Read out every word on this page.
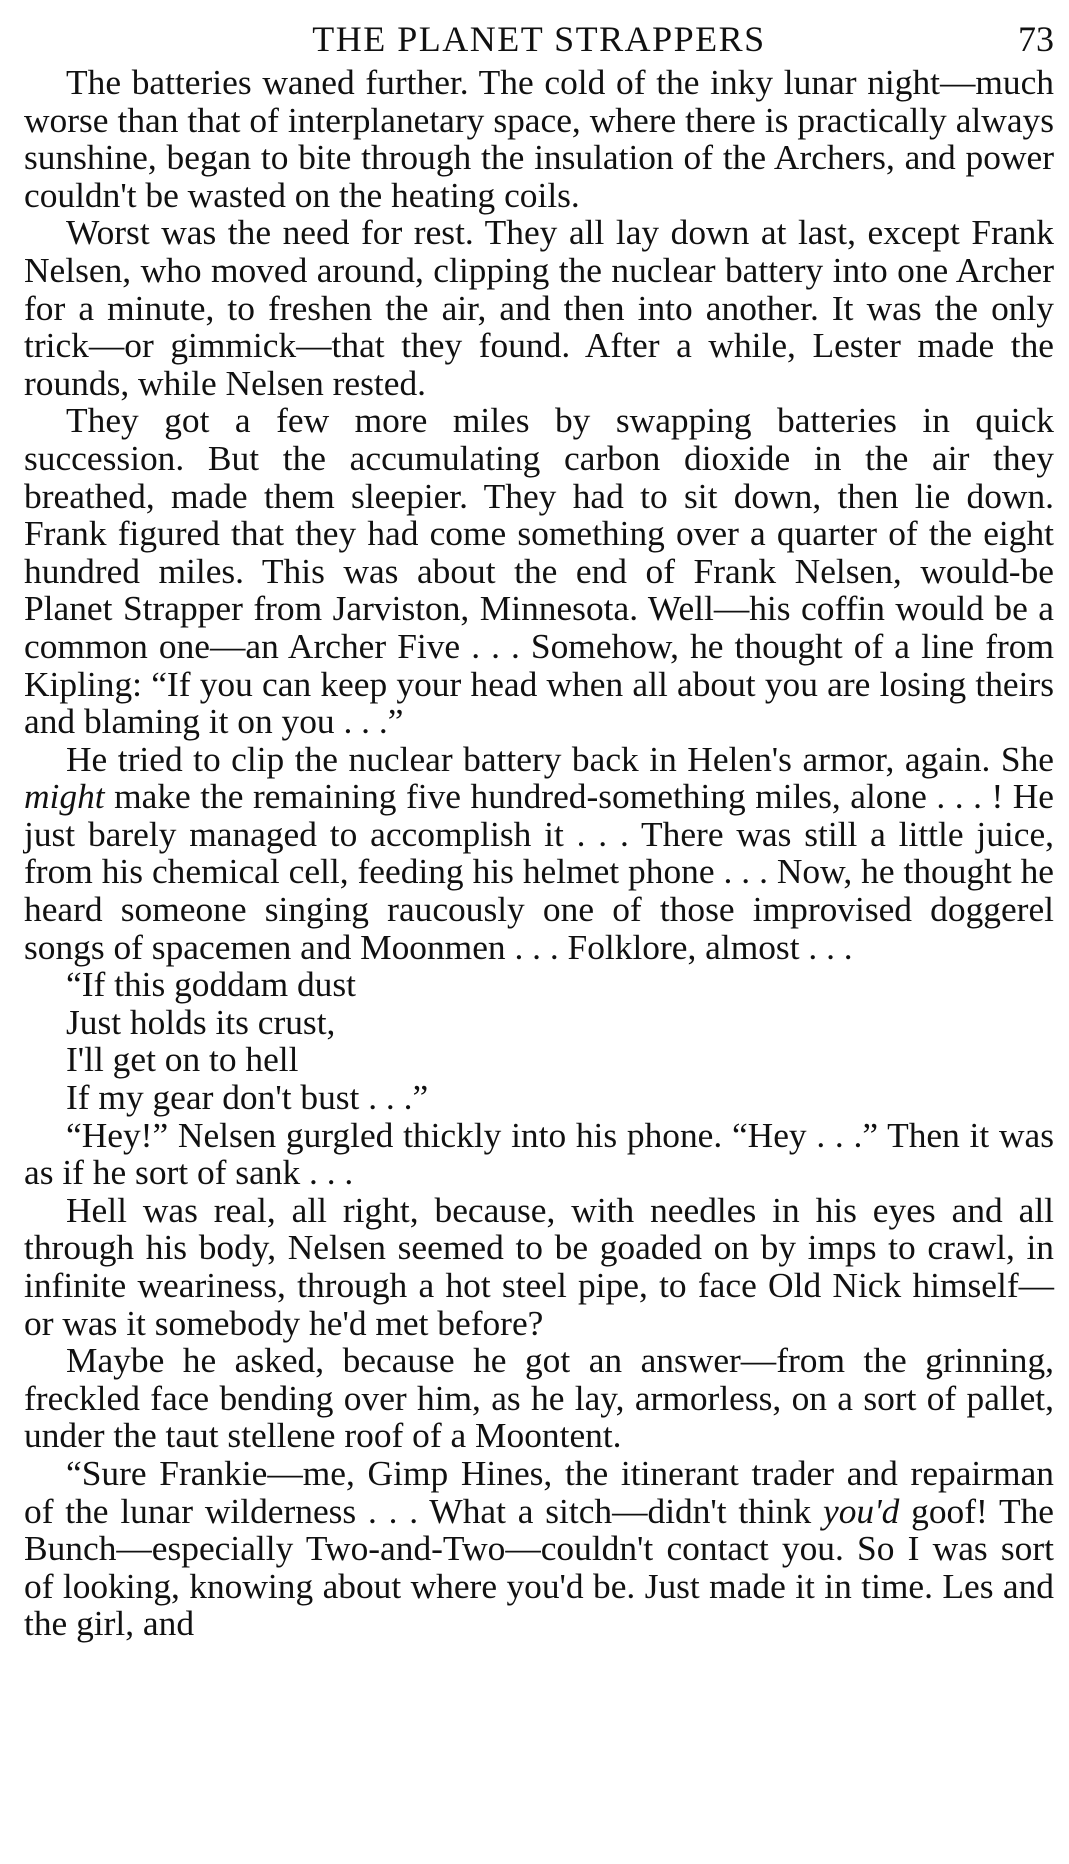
THE PLANET STRAPPERS	73

The batteries waned further. The cold of the inky lunar night—much worse than that of interplanetary space, where there is practically always sunshine, began to bite through the insulation of the Archers, and power couldn't be wasted on the heating coils.

Worst was the need for rest. They all lay down at last, except Frank Nelsen, who moved around, clipping the nuclear battery into one Archer for a minute, to freshen the air, and then into another. It was the only trick—or gimmick—that they found. After a while, Lester made the rounds, while Nelsen rested.

They got a few more miles by swapping batteries in quick succession. But the accumulating carbon dioxide in the air they breathed, made them sleepier. They had to sit down, then lie down. Frank figured that they had come something over a quarter of the eight hundred miles. This was about the end of Frank Nelsen, would-be Planet Strapper from Jarviston, Minnesota. Well—his coffin would be a common one—an Archer Five . . . Somehow, he thought of a line from Kipling: “If you can keep your head when all about you are losing theirs and blaming it on you . . .”

He tried to clip the nuclear battery back in Helen's armor, again. She might make the remaining five hundred-something miles, alone . . . ! He just barely managed to accomplish it . . . There was still a little juice, from his chemical cell, feeding his helmet phone . . . Now, he thought he heard someone singing raucously one of those improvised doggerel songs of spacemen and Moonmen . . . Folklore, almost . . .

“If this goddam dust
Just holds its crust,
I'll get on to hell
If my gear don't bust . . .”

“Hey!” Nelsen gurgled thickly into his phone. “Hey . . .” Then it was as if he sort of sank . . .

Hell was real, all right, because, with needles in his eyes and all through his body, Nelsen seemed to be goaded on by imps to crawl, in infinite weariness, through a hot steel pipe, to face Old Nick himself—or was it somebody he'd met before?

Maybe he asked, because he got an answer—from the grinning, freckled face bending over him, as he lay, armorless, on a sort of pallet, under the taut stellene roof of a Moontent.

“Sure Frankie—me, Gimp Hines, the itinerant trader and repairman of the lunar wilderness . . . What a sitch—didn't think you'd goof! The Bunch—especially Two-and-Two—couldn't contact you. So I was sort of looking, knowing about where you'd be. Just made it in time. Les and the girl, and
